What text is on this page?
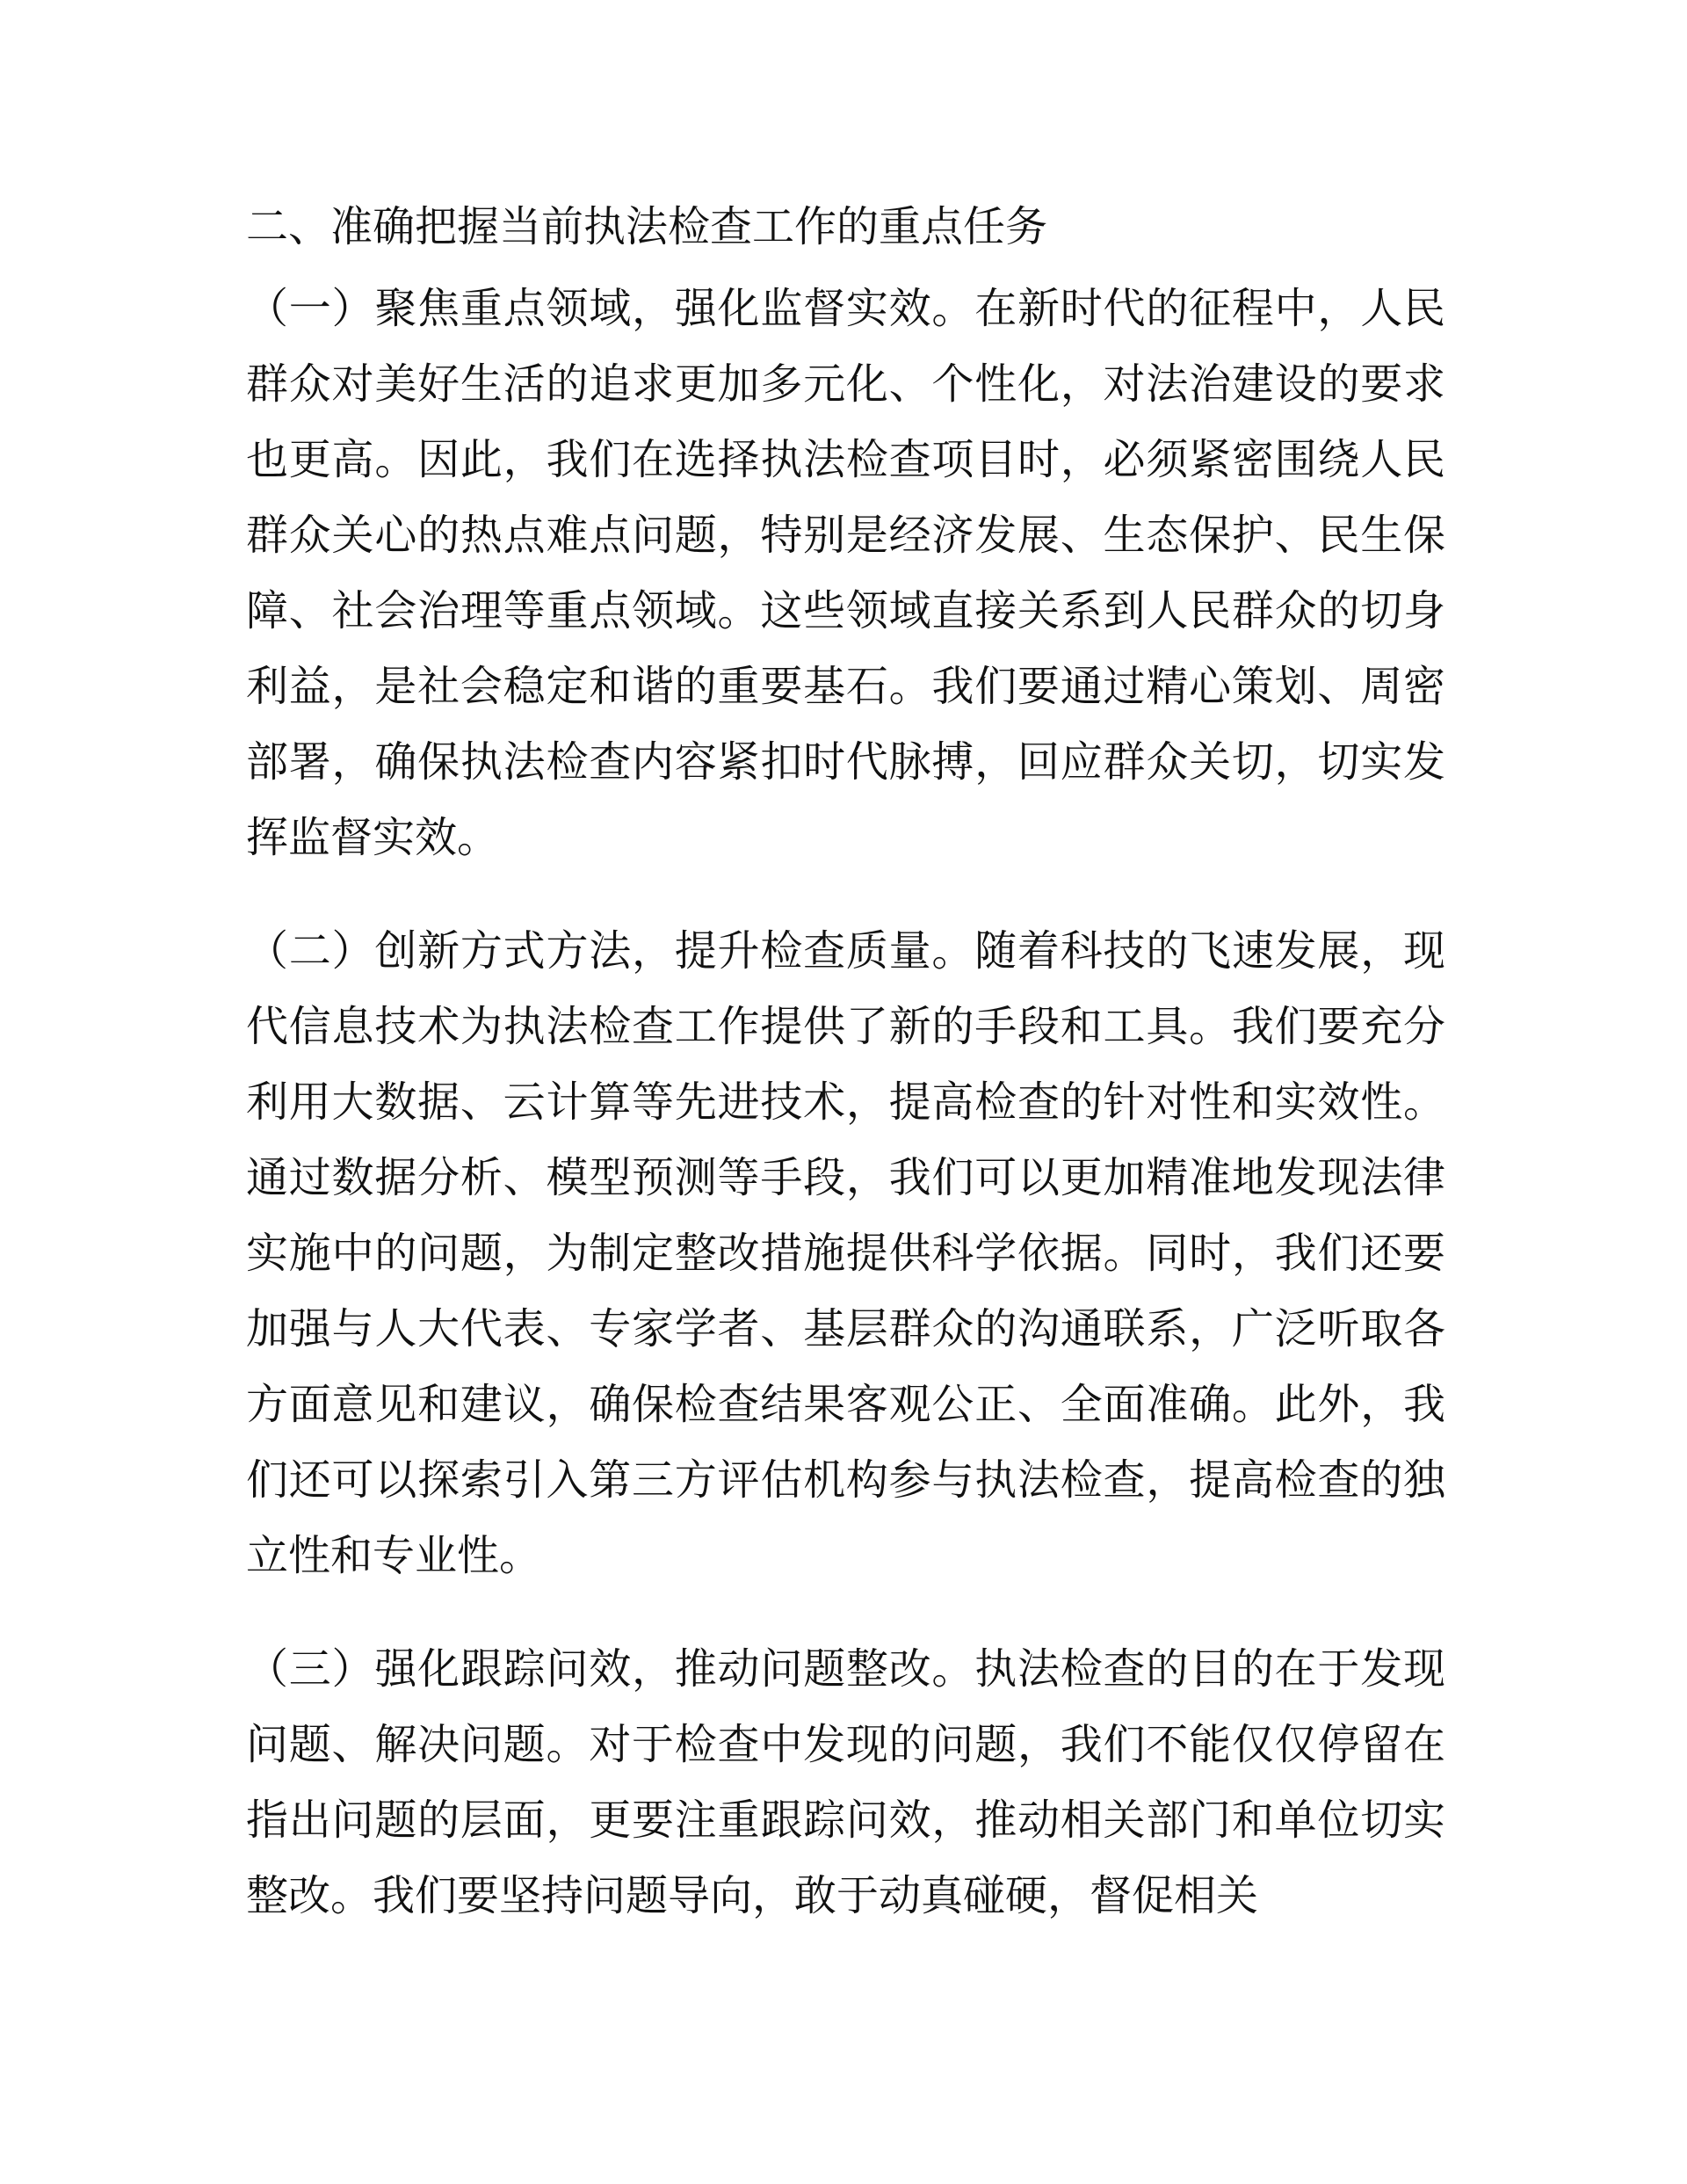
二、准确把握当前执法检查工作的重点任务

（一）聚焦重点领域，强化监督实效。在新时代的征程中，人民群众对美好生活的追求更加多元化、个性化，对法治建设的要求也更高。因此，我们在选择执法检查项目时，必须紧密围绕人民群众关心的热点难点问题，特别是经济发展、生态保护、民生保障、社会治理等重点领域。这些领域直接关系到人民群众的切身利益，是社会稳定和谐的重要基石。我们要通过精心策划、周密部署，确保执法检查内容紧扣时代脉搏，回应群众关切，切实发挥监督实效。

（二）创新方式方法，提升检查质量。随着科技的飞速发展，现代信息技术为执法检查工作提供了新的手段和工具。我们要充分利用大数据、云计算等先进技术，提高检查的针对性和实效性。通过数据分析、模型预测等手段，我们可以更加精准地发现法律实施中的问题，为制定整改措施提供科学依据。同时，我们还要加强与人大代表、专家学者、基层群众的沟通联系，广泛听取各方面意见和建议，确保检查结果客观公正、全面准确。此外，我们还可以探索引入第三方评估机构参与执法检查，提高检查的独立性和专业性。

（三）强化跟踪问效，推动问题整改。执法检查的目的在于发现问题、解决问题。对于检查中发现的问题，我们不能仅仅停留在指出问题的层面，更要注重跟踪问效，推动相关部门和单位切实整改。我们要坚持问题导向，敢于动真碰硬，督促相关
